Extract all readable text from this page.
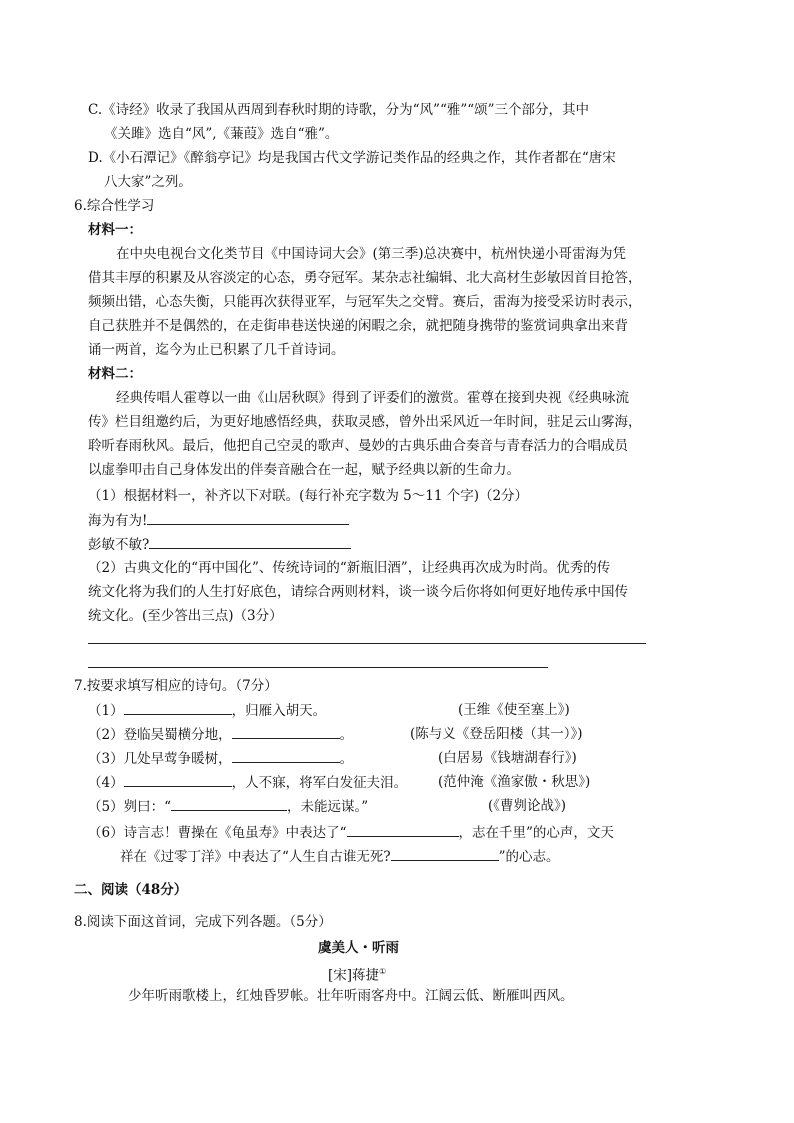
C.《诗经》收录了我国从西周到春秋时期的诗歌，分为“风”“雅”“颂”三个部分，其中
《关雎》选自“风”,《蒹葭》选自“雅”。
D.《小石潭记》《醉翁亭记》均是我国古代文学游记类作品的经典之作，其作者都在“唐宋
八大家”之列。
6.综合性学习
材料一：
在中央电视台文化类节目《中国诗词大会》(第三季)总决赛中，杭州快递小哥雷海为凭
借其丰厚的积累及从容淡定的心态，勇夺冠军。某杂志社编辑、北大高材生彭敏因首目抢答，
频频出错，心态失衡，只能再次获得亚军，与冠军失之交臂。赛后，雷海为接受采访时表示，
自己获胜并不是偶然的，在走街串巷送快递的闲暇之余，就把随身携带的鉴赏词典拿出来背
诵一两首，迄今为止已积累了几千首诗词。
材料二：
经典传唱人霍尊以一曲《山居秋暝》得到了评委们的激赏。霍尊在接到央视《经典咏流
传》栏目组邀约后，为更好地感悟经典，获取灵感，曾外出采风近一年时间，驻足云山雾海，
聆听春雨秋风。最后，他把自己空灵的歌声、曼妙的古典乐曲合奏音与青春活力的合唱成员
以虚拳叩击自己身体发出的伴奏音融合在一起，赋予经典以新的生命力。
（1）根据材料一，补齐以下对联。(每行补充字数为 5～11 个字)（2分）
海为有为!
彭敏不敏?
（2）古典文化的“再中国化”、传统诗词的“新瓶旧酒”，让经典再次成为时尚。优秀的传
统文化将为我们的人生打好底色，请综合两则材料，谈一谈今后你将如何更好地传承中国传
统文化。(至少答出三点)（3分）
7.按要求填写相应的诗句。（7分）
（1）	，归雁入胡天。	(王维《使至塞上》)
（2）登临吴蜀横分地，	。	(陈与义《登岳阳楼（其一）》)
（3）几处早莺争暖树，	。	(白居易《钱塘湖春行》)
（4）	，人不寐，将军白发征夫泪。 (范仲淹《渔家傲・秋思》)
（5）刿曰：“	，未能远谋。”	(《曹刿论战》)
（6）诗言志！曹操在《龟虽寿》中表达了“	，志在千里”的心声，文天
祥在《过零丁洋》中表达了“人生自古谁无死?	”的心志。
二、阅读（48分）
8.阅读下面这首词，完成下列各题。（5分）
虞美人・听雨
[宋]蒋捷①
少年听雨歌楼上，红烛昏罗帐。壮年听雨客舟中。江阔云低、断雁叫西风。
